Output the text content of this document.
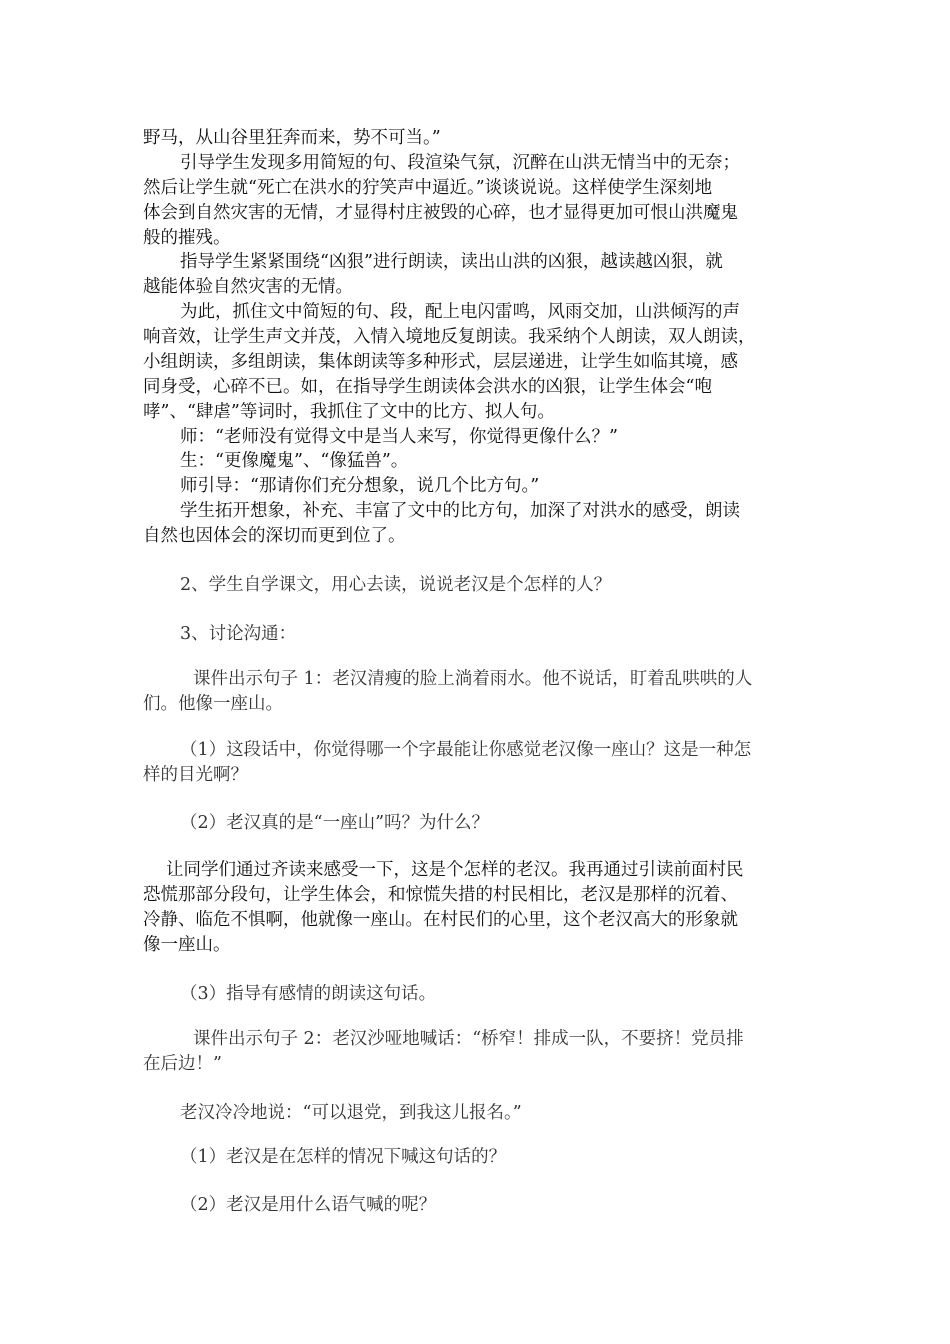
野马，从山谷里狂奔而来，势不可当。”
引导学生发现多用简短的句、段渲染气氛，沉醉在山洪无情当中的无奈；
然后让学生就“死亡在洪水的狞笑声中逼近。”谈谈说说。这样使学生深刻地
体会到自然灾害的无情，才显得村庄被毁的心碎，也才显得更加可恨山洪魔鬼
般的摧残。
指导学生紧紧围绕“凶狠”进行朗读，读出山洪的凶狠，越读越凶狠，就
越能体验自然灾害的无情。
为此，抓住文中简短的句、段，配上电闪雷鸣，风雨交加，山洪倾泻的声
响音效，让学生声文并茂，入情入境地反复朗读。我采纳个人朗读，双人朗读，
小组朗读，多组朗读，集体朗读等多种形式，层层递进，让学生如临其境，感
同身受，心碎不已。如，在指导学生朗读体会洪水的凶狠，让学生体会“咆
哮”、“肆虐”等词时，我抓住了文中的比方、拟人句。
师：“老师没有觉得文中是当人来写，你觉得更像什么？”
生：“更像魔鬼”、“像猛兽”。
师引导：“那请你们充分想象，说几个比方句。”
学生拓开想象，补充、丰富了文中的比方句，加深了对洪水的感受，朗读
自然也因体会的深切而更到位了。
2、学生自学课文，用心去读，说说老汉是个怎样的人？
3、讨论沟通：
课件出示句子 1：老汉清瘦的脸上淌着雨水。他不说话，盯着乱哄哄的人
们。他像一座山。
（1）这段话中，你觉得哪一个字最能让你感觉老汉像一座山？这是一种怎
样的目光啊？
（2）老汉真的是“一座山”吗？为什么？
让同学们通过齐读来感受一下，这是个怎样的老汉。我再通过引读前面村民
恐慌那部分段句，让学生体会，和惊慌失措的村民相比，老汉是那样的沉着、
冷静、临危不惧啊，他就像一座山。在村民们的心里，这个老汉高大的形象就
像一座山。
（3）指导有感情的朗读这句话。
课件出示句子 2：老汉沙哑地喊话：“桥窄！排成一队，不要挤！党员排
在后边！”
老汉冷冷地说：“可以退党，到我这儿报名。”
（1）老汉是在怎样的情况下喊这句话的？
（2）老汉是用什么语气喊的呢？
